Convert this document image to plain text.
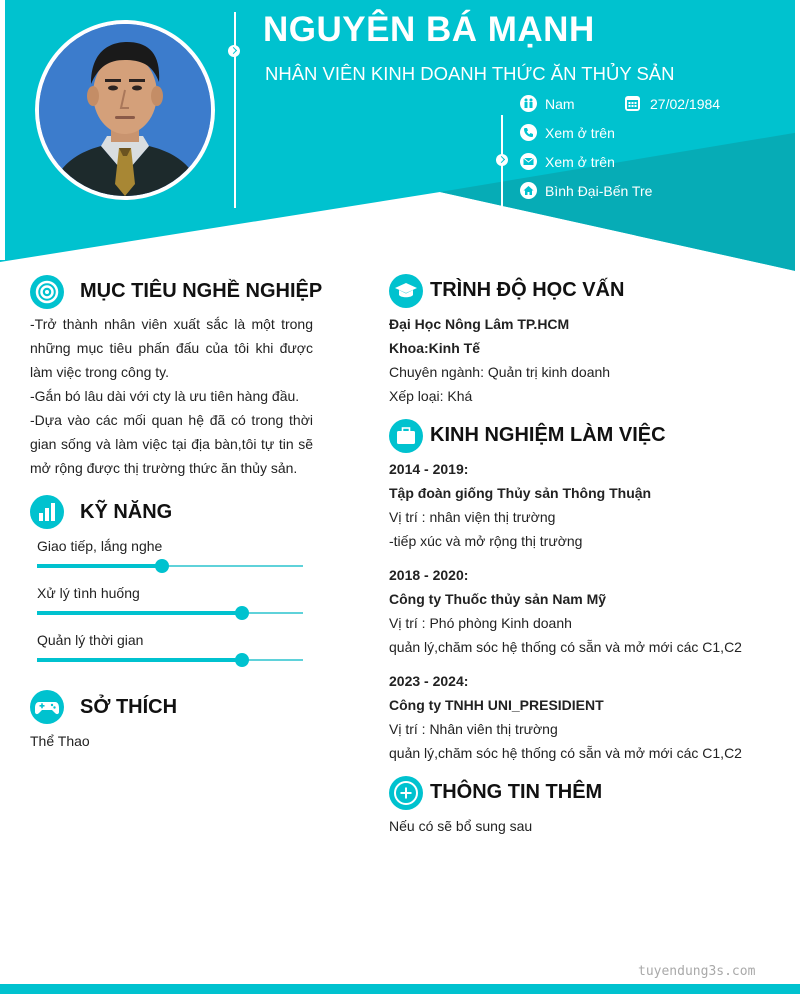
NGUYÊN BÁ MẠNH
NHÂN VIÊN KINH DOANH THỨC ĂN THỦY SẢN
Nam	27/02/1984
Xem ở trên
Xem ở trên
Bình Đại-Bến Tre
MỤC TIÊU NGHỀ NGHIỆP
-Trở thành nhân viên xuất sắc là một trong
những mục tiêu phấn đấu của tôi khi được
làm việc trong công ty.
-Gắn bó lâu dài với cty là ưu tiên hàng đầu.
-Dựa vào các mối quan hệ đã có trong thời
gian sống và làm việc tại địa bàn,tôi tự tin sẽ
mở rộng được thị trường thức ăn thủy sản.
KỸ NĂNG
Giao tiếp, lắng nghe
Xử lý tình huống
Quản lý thời gian
SỞ THÍCH
Thể Thao
TRÌNH ĐỘ HỌC VẤN
Đại Học Nông Lâm TP.HCM
Khoa:Kinh Tế
Chuyên ngành: Quản trị kinh doanh
Xếp loại: Khá
KINH NGHIỆM LÀM VIỆC
2014 - 2019:
Tập đoàn giống Thủy sản Thông Thuận
Vị trí : nhân viện thị trường
-tiếp xúc và mở rộng thị trường
2018 - 2020:
Công ty Thuốc thủy sản Nam Mỹ
Vị trí : Phó phòng Kinh doanh
quản lý,chăm sóc hệ thống có sẵn và mở mới các C1,C2
2023 - 2024:
Công ty TNHH UNI_PRESIDIENT
Vị trí : Nhân viên thị trường
quản lý,chăm sóc hệ thống có sẵn và mở mới các C1,C2
THÔNG TIN THÊM
Nếu có sẽ bổ sung sau
tuyendung3s.com
